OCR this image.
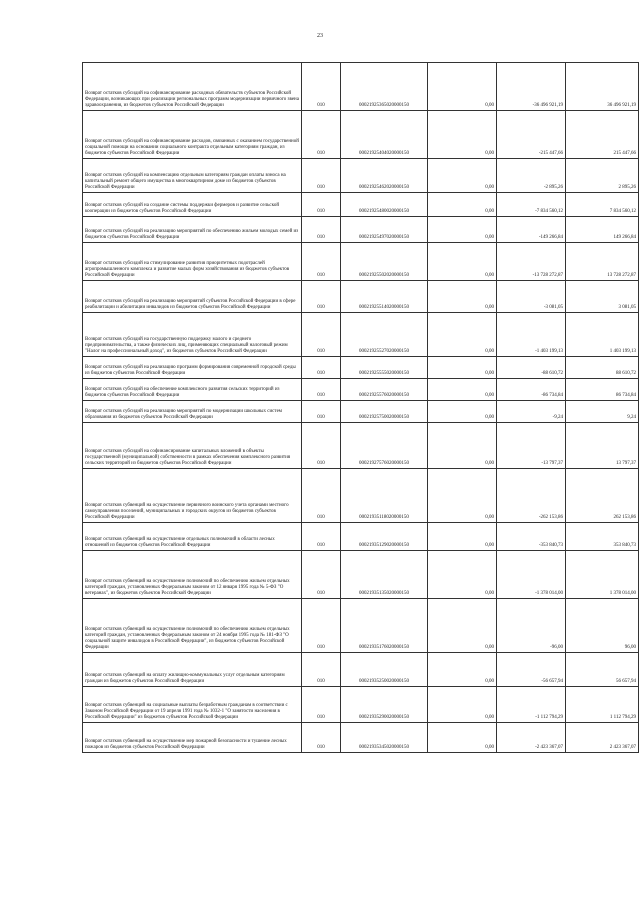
23
Возврат остатков субсидий на софинансирование расходных обязательств субъектов Российской Федерации, возникающих при реализации региональных программ модернизации первичного звена здравоохранения, из бюджетов субъектов Российской Федерации	010	00021925365020000150	0,00	-36 496 921,19	36 496 921,19
Возврат остатков субсидий на софинансирование расходов, связанных с оказанием государственной социальной помощи на основании социального контракта отдельным категориям граждан, из бюджетов субъектов Российской Федерации	010	00021925404020000150	0,00	-215 447,66	215 447,66
Возврат остатков субсидий на компенсацию отдельным категориям граждан оплаты взноса на капитальный ремонт общего имущества в многоквартирном доме из бюджетов субъектов Российской Федерации	010	00021925462020000150	0,00	-2 895,26	2 895,26
Возврат остатков субсидий на создание системы поддержки фермеров и развитие сельской кооперации из бюджетов субъектов Российской Федерации	010	00021925480020000150	0,00	-7 834 560,12	7 834 560,12
Возврат остатков субсидий на реализацию мероприятий по обеспечению жильем молодых семей из бюджетов субъектов Российской Федерации	010	00021925497020000150	0,00	-149 266,84	149 266,84
Возврат остатков субсидий на стимулирование развития приоритетных подотраслей агропромышленного комплекса и развитие малых форм хозяйствования из бюджетов субъектов Российской Федерации	010	00021925502020000150	0,00	-13 728 272,87	13 728 272,87
Возврат остатков субсидий на реализацию мероприятий субъектов Российской Федерации в сфере реабилитации и абилитации инвалидов из бюджетов субъектов Российской Федерации	010	00021925514020000150	0,00	-3 081,05	3 081,05
Возврат остатков субсидий на государственную поддержку малого и среднего предпринимательства, а также физических лиц, применяющих специальный налоговый режим "Налог на профессиональный доход", из бюджетов субъектов Российской Федерации	010	00021925527020000150	0,00	-1 403 199,13	1 403 199,13
Возврат остатков субсидий на реализацию программ формирования современной городской среды из бюджетов субъектов Российской Федерации	010	00021925555020000150	0,00	-88 610,72	88 610,72
Возврат остатков субсидий на обеспечение комплексного развития сельских территорий из бюджетов субъектов Российской Федерации	010	00021925576020000150	0,00	-86 734,84	86 734,84
Возврат остатков субсидий на реализацию мероприятий по модернизации школьных систем образования из бюджетов субъектов Российской Федерации	010	00021925750020000150	0,00	-9,24	9,24
Возврат остатков субсидий на софинансирование капитальных вложений в объекты государственной (муниципальной) собственности в рамках обеспечения комплексного развития сельских территорий из бюджетов субъектов Российской Федерации	010	00021927576020000150	0,00	-13 797,37	13 797,37
Возврат остатков субвенций на осуществление первичного воинского учета органами местного самоуправления поселений, муниципальных и городских округов из бюджетов субъектов Российской Федерации	010	00021935118020000150	0,00	-262 153,86	262 153,86
Возврат остатков субвенций на осуществление отдельных полномочий в области лесных отношений из бюджетов субъектов Российской Федерации	010	00021935129020000150	0,00	-353 840,73	353 840,73
Возврат остатков субвенций на осуществление полномочий по обеспечению жильем отдельных категорий граждан, установленных Федеральным законом от 12 января 1995 года № 5-ФЗ "О ветеранах", из бюджетов субъектов Российской Федерации	010	00021935135020000150	0,00	-1 378 014,00	1 378 014,00
Возврат остатков субвенций на осуществление полномочий по обеспечению жильем отдельных категорий граждан, установленных Федеральным законом от 24 ноября 1995 года № 181-ФЗ "О социальной защите инвалидов в Российской Федерации", из бюджетов субъектов Российской Федерации	010	00021935176020000150	0,00	-96,00	96,00
Возврат остатков субвенций на оплату жилищно-коммунальных услуг отдельным категориям граждан из бюджетов субъектов Российской Федерации	010	00021935250020000150	0,00	-56 657,94	56 657,94
Возврат остатков субвенций на социальные выплаты безработным гражданам в соответствии с Законом Российской Федерации от 19 апреля 1991 года № 1032-1 "О занятости населения в Российской Федерации" из бюджетов субъектов Российской Федерации	010	00021935290020000150	0,00	-1 112 794,29	1 112 794,29
Возврат остатков субвенций на осуществление мер пожарной безопасности и тушение лесных пожаров из бюджетов субъектов Российской Федерации	010	00021935345020000150	0,00	-2 423 367,07	2 423 367,07
